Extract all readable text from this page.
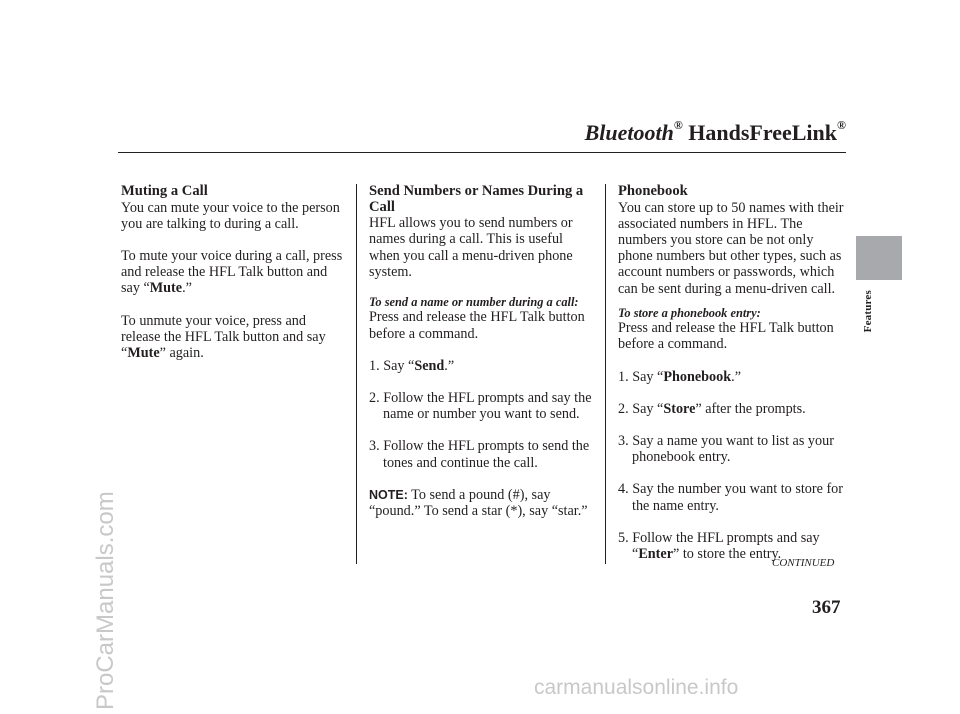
Bluetooth® HandsFreeLink®

Muting a Call

You can mute your voice to the person you are talking to during a call.

To mute your voice during a call, press and release the HFL Talk button and say “Mute.”

To unmute your voice, press and release the HFL Talk button and say “Mute” again.

Send Numbers or Names During a Call

HFL allows you to send numbers or names during a call. This is useful when you call a menu-driven phone system.

To send a name or number during a call:

Press and release the HFL Talk button before a command.

1. Say “Send.”
2. Follow the HFL prompts and say the name or number you want to send.
3. Follow the HFL prompts to send the tones and continue the call.

NOTE: To send a pound (#), say “pound.” To send a star (*), say “star.”

Phonebook

You can store up to 50 names with their associated numbers in HFL. The numbers you store can be not only phone numbers but other types, such as account numbers or passwords, which can be sent during a menu-driven call.

To store a phonebook entry:

Press and release the HFL Talk button before a command.

1. Say “Phonebook.”
2. Say “Store” after the prompts.
3. Say a name you want to list as your phonebook entry.
4. Say the number you want to store for the name entry.
5. Follow the HFL prompts and say “Enter” to store the entry.
CONTINUED
367
Features
ProCarManuals.com	carmanualsonline.info
